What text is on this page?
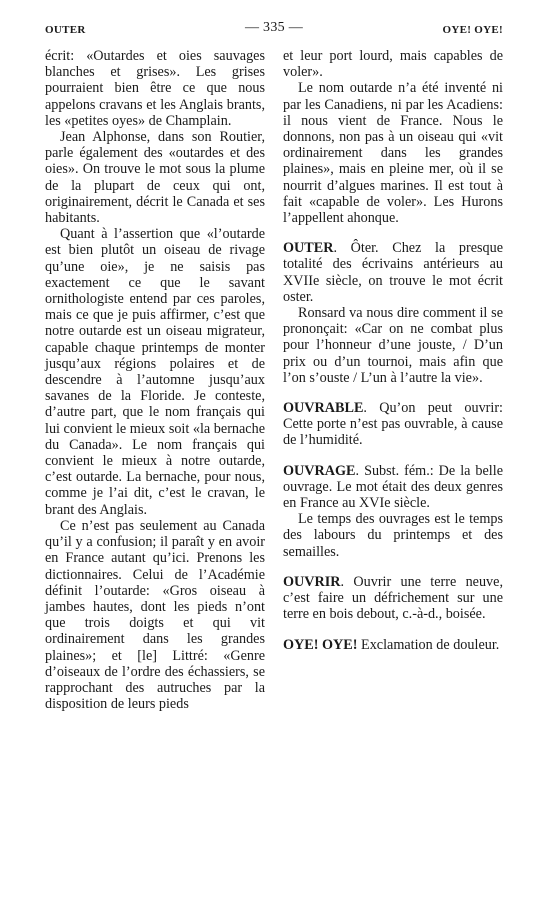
OUTER	— 335 —	OYE! OYE!

écrit: «Outardes et oies sauvages blanches et grises». Les grises pourraient bien être ce que nous appelons cravans et les Anglais brants, les «petites oyes» de Champlain.

Jean Alphonse, dans son Routier, parle également des «outardes et des oies». On trouve le mot sous la plume de la plupart de ceux qui ont, originairement, décrit le Canada et ses habitants.

Quant à l’assertion que «l’outarde est bien plutôt un oiseau de rivage qu’une oie», je ne saisis pas exactement ce que le savant ornithologiste entend par ces paroles, mais ce que je puis affirmer, c’est que notre outarde est un oiseau migrateur, capable chaque printemps de monter jusqu’aux régions polaires et de descendre à l’automne jusqu’aux savanes de la Floride. Je conteste, d’autre part, que le nom français qui lui convient le mieux soit «la bernache du Canada». Le nom français qui convient le mieux à notre outarde, c’est outarde. La bernache, pour nous, comme je l’ai dit, c’est le cravan, le brant des Anglais.

Ce n’est pas seulement au Canada qu’il y a confusion; il paraît y en avoir en France autant qu’ici. Prenons les dictionnaires. Celui de l’Académie définit l’outarde: «Gros oiseau à jambes hautes, dont les pieds n’ont que trois doigts et qui vit ordinairement dans les grandes plaines»; et [le] Littré: «Genre d’oiseaux de l’ordre des échassiers, se rapprochant des autruches par la disposition de leurs pieds

et leur port lourd, mais capables de voler».

Le nom outarde n’a été inventé ni par les Canadiens, ni par les Acadiens: il nous vient de France. Nous le donnons, non pas à un oiseau qui «vit ordinairement dans les grandes plaines», mais en pleine mer, où il se nourrit d’algues marines. Il est tout à fait «capable de voler». Les Hurons l’appellent ahonque.

OUTER. Ôter. Chez la presque totalité des écrivains antérieurs au XVIIe siècle, on trouve le mot écrit oster.

Ronsard va nous dire comment il se prononçait: «Car on ne combat plus pour l’honneur d’une jouste, / D’un prix ou d’un tournoi, mais afin que l’on s’ouste / L’un à l’autre la vie».

OUVRABLE. Qu’on peut ouvrir: Cette porte n’est pas ouvrable, à cause de l’humidité.

OUVRAGE. Subst. fém.: De la belle ouvrage. Le mot était des deux genres en France au XVIe siècle.

Le temps des ouvrages est le temps des labours du printemps et des semailles.

OUVRIR. Ouvrir une terre neuve, c’est faire un défrichement sur une terre en bois debout, c.-à-d., boisée.

OYE! OYE! Exclamation de douleur.
